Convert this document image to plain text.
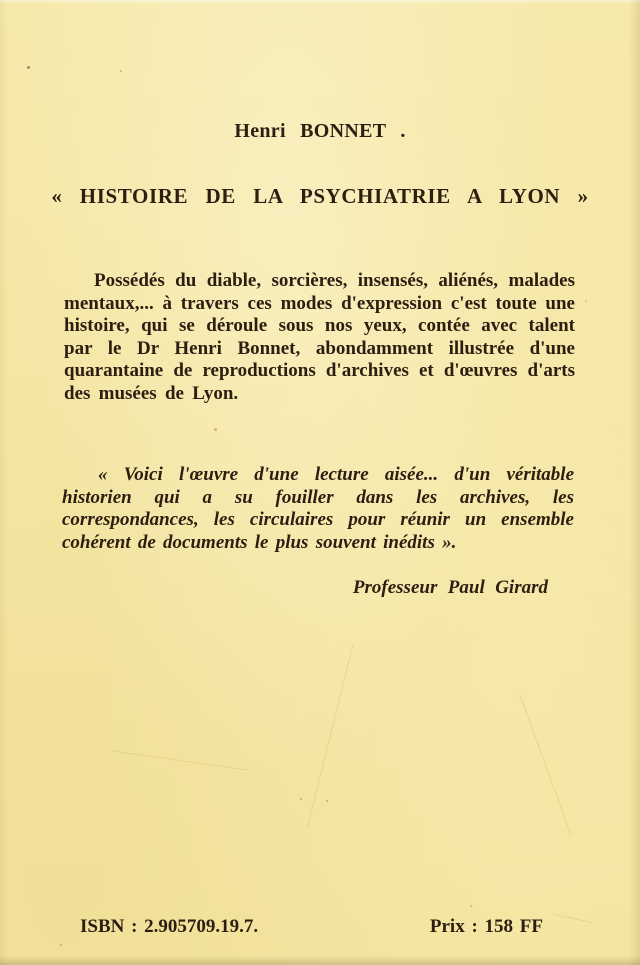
Henri BONNET .
« HISTOIRE DE LA PSYCHIATRIE A LYON »
Possédés du diable, sorcières, insensés, aliénés, malades mentaux,... à travers ces modes d'expression c'est toute une histoire, qui se déroule sous nos yeux, contée avec talent par le Dr Henri Bonnet, abondamment illustrée d'une quarantaine de reproductions d'archives et d'œuvres d'arts des musées de Lyon.
« Voici l'œuvre d'une lecture aisée... d'un véritable historien qui a su fouiller dans les archives, les correspondances, les circulaires pour réunir un ensemble cohérent de documents le plus souvent inédits ».
Professeur Paul Girard
ISBN : 2.905709.19.7.	Prix : 158 FF
